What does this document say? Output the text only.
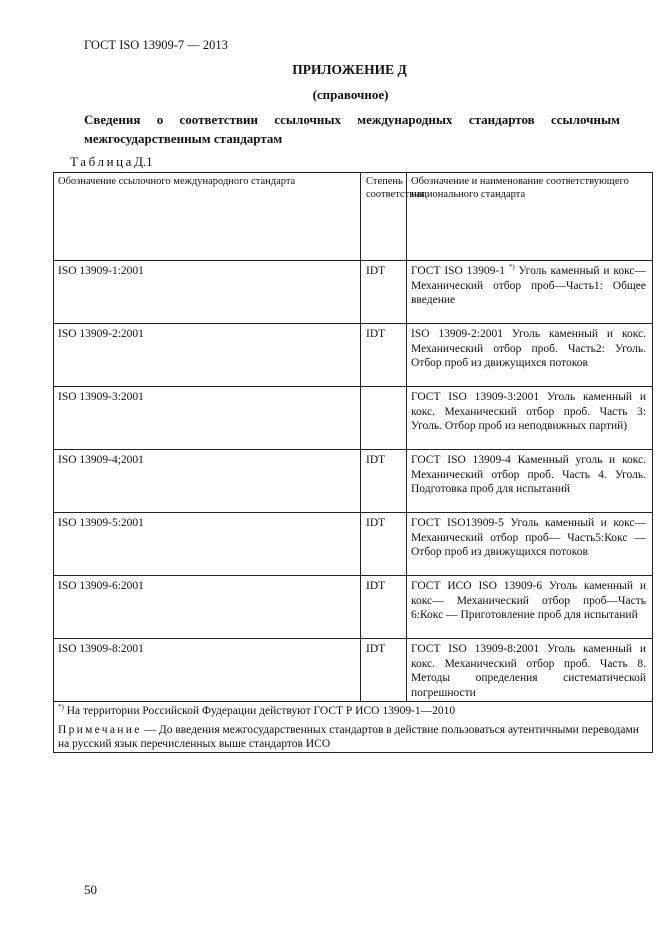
ГОСТ ISO 13909-7 — 2013
ПРИЛОЖЕНИЕ Д
(справочное)
Сведения о соответствии ссылочных международных стандартов ссылочным межгосударственным стандартам
ТаблицаД.1
Обозначение ссылочного международного стандарта	Степень соответствия	Обозначение и наименование соответствующего национального стандарта
ISO 13909-1:2001	IDT	ГОСТ ISO 13909-1 *) Уголь каменный и кокс—Механический отбор проб—Часть1: Общее введение

ISO 13909-2:2001	IDT	ISO 13909-2:2001 Уголь каменный и кокс. Механический отбор проб. Часть2: Уголь. Отбор проб из движущихся потоков

ISO 13909-3:2001		ГОСТ ISO 13909-3:2001 Уголь каменный и кокс. Механический отбор проб. Часть 3: Уголь. Отбор проб из неподвижных партий)

ISO 13909-4;2001	IDT	ГОСТ ISO 13909-4 Каменный уголь и кокс. Механический отбор проб. Часть 4. Уголь. Подготовка проб для испытаний

ISO 13909-5:2001	IDT	ГОСТ ISO13909-5 Уголь каменный и кокс— Механический отбор проб— Часть5:Кокс — Отбор проб из движущихся потоков

ISO 13909-6:2001	IDT	ГОСТ ИСО ISO 13909-6 Уголь каменный и кокс— Механический отбор проб—Часть 6:Кокс — Приготовление проб для испытаний

ISO 13909-8:2001	IDT	ГОСТ ISO 13909-8:2001 Уголь каменный и кокс. Механический отбор проб. Часть 8. Методы определения систематической погрешности

*) На территории Российской Фудерации действуют ГОСТ Р ИСО 13909-1—2010
Примечание — До введения межгосударственных стандартов в действие пользоваться аутентичными переводами на русский язык перечисленных выше стандартов ИСО		
50
